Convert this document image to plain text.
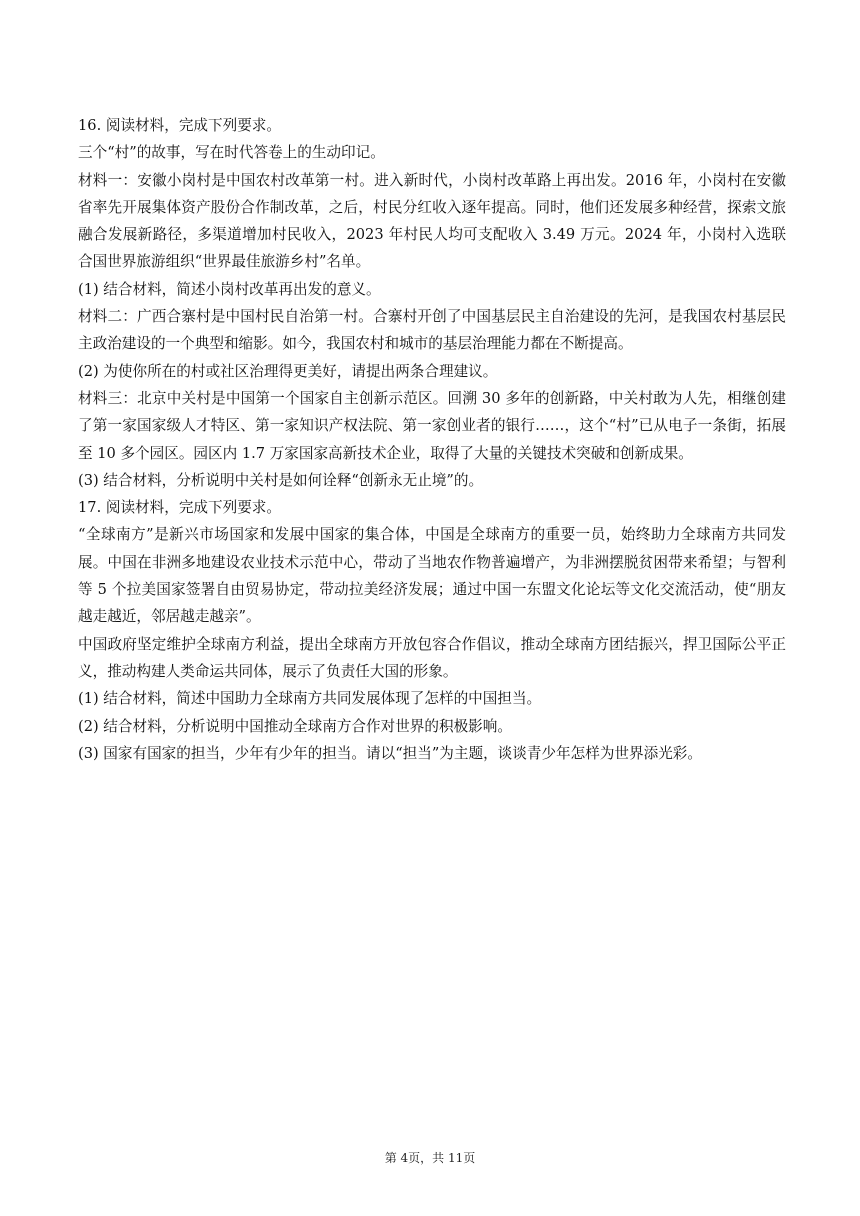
16. 阅读材料，完成下列要求。

三个“村”的故事，写在时代答卷上的生动印记。

材料一：安徽小岗村是中国农村改革第一村。进入新时代，小岗村改革路上再出发。2016 年，小岗村在安徽省率先开展集体资产股份合作制改革，之后，村民分红收入逐年提高。同时，他们还发展多种经营，探索文旅融合发展新路径，多渠道增加村民收入，2023 年村民人均可支配收入 3.49 万元。2024 年，小岗村入选联合国世界旅游组织“世界最佳旅游乡村”名单。

(1) 结合材料，简述小岗村改革再出发的意义。

材料二：广西合寨村是中国村民自治第一村。合寨村开创了中国基层民主自治建设的先河，是我国农村基层民主政治建设的一个典型和缩影。如今，我国农村和城市的基层治理能力都在不断提高。

(2) 为使你所在的村或社区治理得更美好，请提出两条合理建议。

材料三：北京中关村是中国第一个国家自主创新示范区。回溯 30 多年的创新路，中关村敢为人先，相继创建了第一家国家级人才特区、第一家知识产权法院、第一家创业者的银行……，这个“村”已从电子一条街，拓展至 10 多个园区。园区内 1.7 万家国家高新技术企业，取得了大量的关键技术突破和创新成果。

(3) 结合材料，分析说明中关村是如何诠释“创新永无止境”的。

17. 阅读材料，完成下列要求。

“全球南方”是新兴市场国家和发展中国家的集合体，中国是全球南方的重要一员，始终助力全球南方共同发展。中国在非洲多地建设农业技术示范中心，带动了当地农作物普遍增产，为非洲摆脱贫困带来希望；与智利等 5 个拉美国家签署自由贸易协定，带动拉美经济发展；通过中国一东盟文化论坛等文化交流活动，使“朋友越走越近，邻居越走越亲”。

中国政府坚定维护全球南方利益，提出全球南方开放包容合作倡议，推动全球南方团结振兴，捍卫国际公平正义，推动构建人类命运共同体，展示了负责任大国的形象。

(1) 结合材料，简述中国助力全球南方共同发展体现了怎样的中国担当。

(2) 结合材料，分析说明中国推动全球南方合作对世界的积极影响。

(3) 国家有国家的担当，少年有少年的担当。请以“担当”为主题，谈谈青少年怎样为世界添光彩。

第 4页，共 11页
